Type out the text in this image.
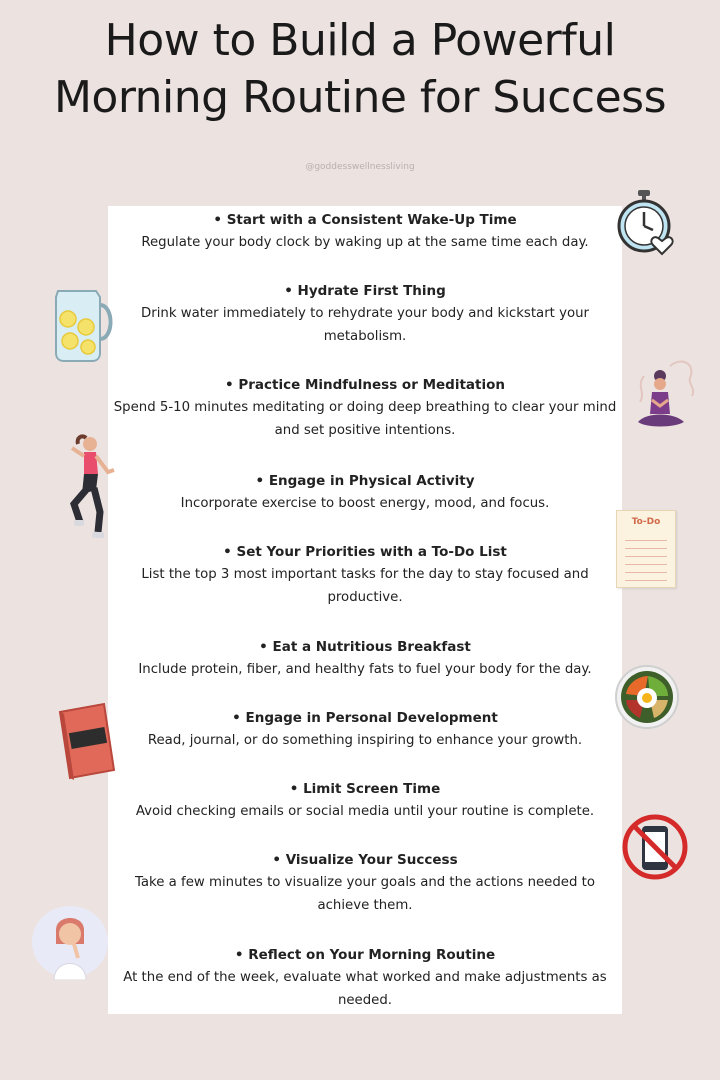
How to Build a Powerful
Morning Routine for Success
@goddesswellnessliving
• Start with a Consistent Wake-Up Time
Regulate your body clock by waking up at the same time each day.
• Hydrate First Thing
Drink water immediately to rehydrate your body and kickstart your metabolism.
• Practice Mindfulness or Meditation
Spend 5-10 minutes meditating or doing deep breathing to clear your mind and set positive intentions.
• Engage in Physical Activity
Incorporate exercise to boost energy, mood, and focus.
• Set Your Priorities with a To-Do List
List the top 3 most important tasks for the day to stay focused and productive.
• Eat a Nutritious Breakfast
Include protein, fiber, and healthy fats to fuel your body for the day.
• Engage in Personal Development
Read, journal, or do something inspiring to enhance your growth.
• Limit Screen Time
Avoid checking emails or social media until your routine is complete.
• Visualize Your Success
Take a few minutes to visualize your goals and the actions needed to achieve them.
• Reflect on Your Morning Routine
At the end of the week, evaluate what worked and make adjustments as needed.
To-Do
